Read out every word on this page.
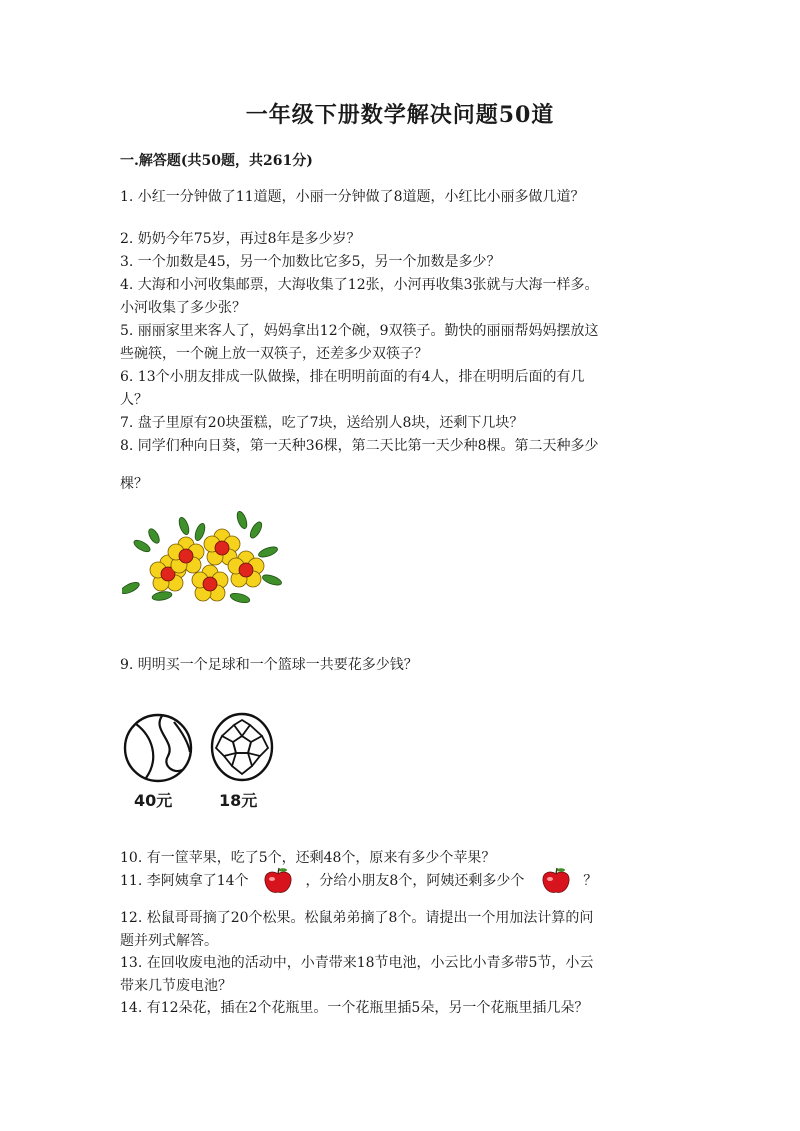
一年级下册数学解决问题50道
一.解答题(共50题，共261分)
1. 小红一分钟做了11道题，小丽一分钟做了8道题，小红比小丽多做几道？
2. 奶奶今年75岁，再过8年是多少岁？
3. 一个加数是45，另一个加数比它多5，另一个加数是多少？
4. 大海和小河收集邮票，大海收集了12张，小河再收集3张就与大海一样多。
小河收集了多少张？
5. 丽丽家里来客人了，妈妈拿出12个碗，9双筷子。勤快的丽丽帮妈妈摆放这
些碗筷，一个碗上放一双筷子，还差多少双筷子？
6. 13个小朋友排成一队做操，排在明明前面的有4人，排在明明后面的有几
人？
7. 盘子里原有20块蛋糕，吃了7块，送给别人8块，还剩下几块？
8. 同学们种向日葵，第一天种36棵，第二天比第一天少种8棵。第二天种多少
棵？
9. 明明买一个足球和一个篮球一共要花多少钱？
40元	18元
10. 有一筐苹果，吃了5个，还剩48个，原来有多少个苹果？
11. 李阿姨拿了14个	，分给小朋友8个，阿姨还剩多少个	？
12. 松鼠哥哥摘了20个松果。松鼠弟弟摘了8个。请提出一个用加法计算的问
题并列式解答。
13. 在回收废电池的活动中，小青带来18节电池，小云比小青多带5节，小云
带来几节废电池？
14. 有12朵花，插在2个花瓶里。一个花瓶里插5朵，另一个花瓶里插几朵？
